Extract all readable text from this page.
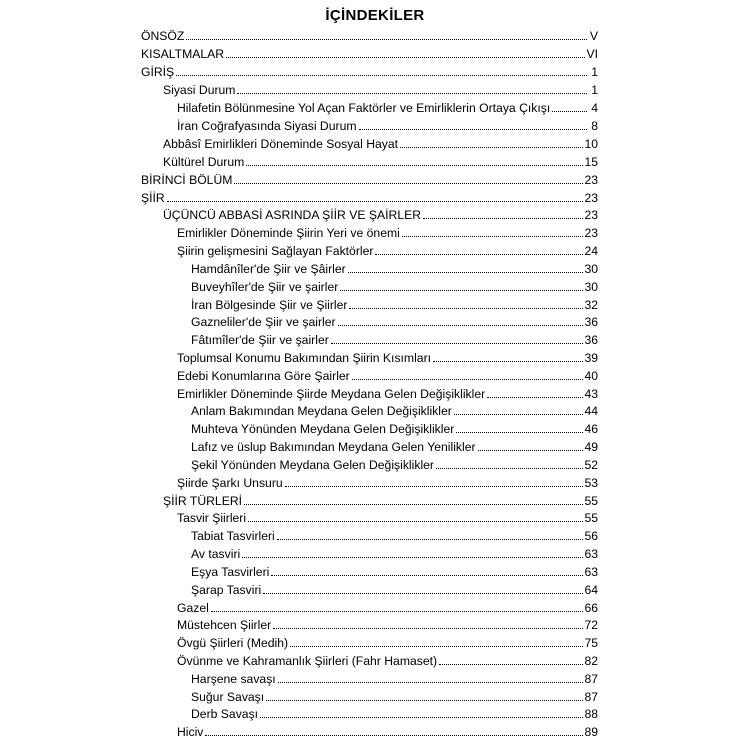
İÇİNDEKİLER
ÖNSÖZ	V
KISALTMALAR	VI
GİRİŞ	1
Siyasi Durum	1
Hilafetin Bölünmesine Yol Açan Faktörler ve Emirliklerin Ortaya Çıkışı	4
İran Coğrafyasında Siyasi Durum	8
Abbâsî Emirlikleri Döneminde Sosyal Hayat	10
Kültürel Durum	15
BİRİNCİ BÖLÜM	23
ŞİİR	23
ÜÇÜNCÜ ABBASİ ASRINDA ŞİİR VE ŞAİRLER	23
Emirlikler Döneminde Şiirin Yeri ve önemi	23
Şiirin gelişmesini Sağlayan Faktörler	24
Hamdânîler'de Şiir ve Şâirler	30
Buveyhîler'de Şiir ve şairler	30
İran Bölgesinde Şiir ve Şiirler	32
Gazneliler'de Şiir ve şairler	36
Fâtımîler'de Şiir ve şairler	36
Toplumsal Konumu Bakımından Şiirin Kısımları	39
Edebi Konumlarına Göre Şairler	40
Emirlikler Döneminde Şiirde Meydana Gelen Değişiklikler	43
Anlam Bakımından Meydana Gelen Değişiklikler	44
Muhteva Yönünden Meydana Gelen Değişiklikler	46
Lafız ve üslup Bakımından Meydana Gelen Yenilikler	49
Şekil Yönünden Meydana Gelen Değişiklikler	52
Şiirde Şarkı Unsuru	53
ŞİİR TÜRLERİ	55
Tasvir Şiirleri	55
Tabiat Tasvirleri	56
Av tasviri	63
Eşya Tasvirleri	63
Şarap Tasviri	64
Gazel	66
Müstehcen Şiirler	72
Övgü Şiirleri (Medih)	75
Övünme ve Kahramanlık Şiirleri (Fahr Hamaset)	82
Harşene savaşı	87
Suğur Savaşı	87
Derb Savaşı	88
Hiciv	89
